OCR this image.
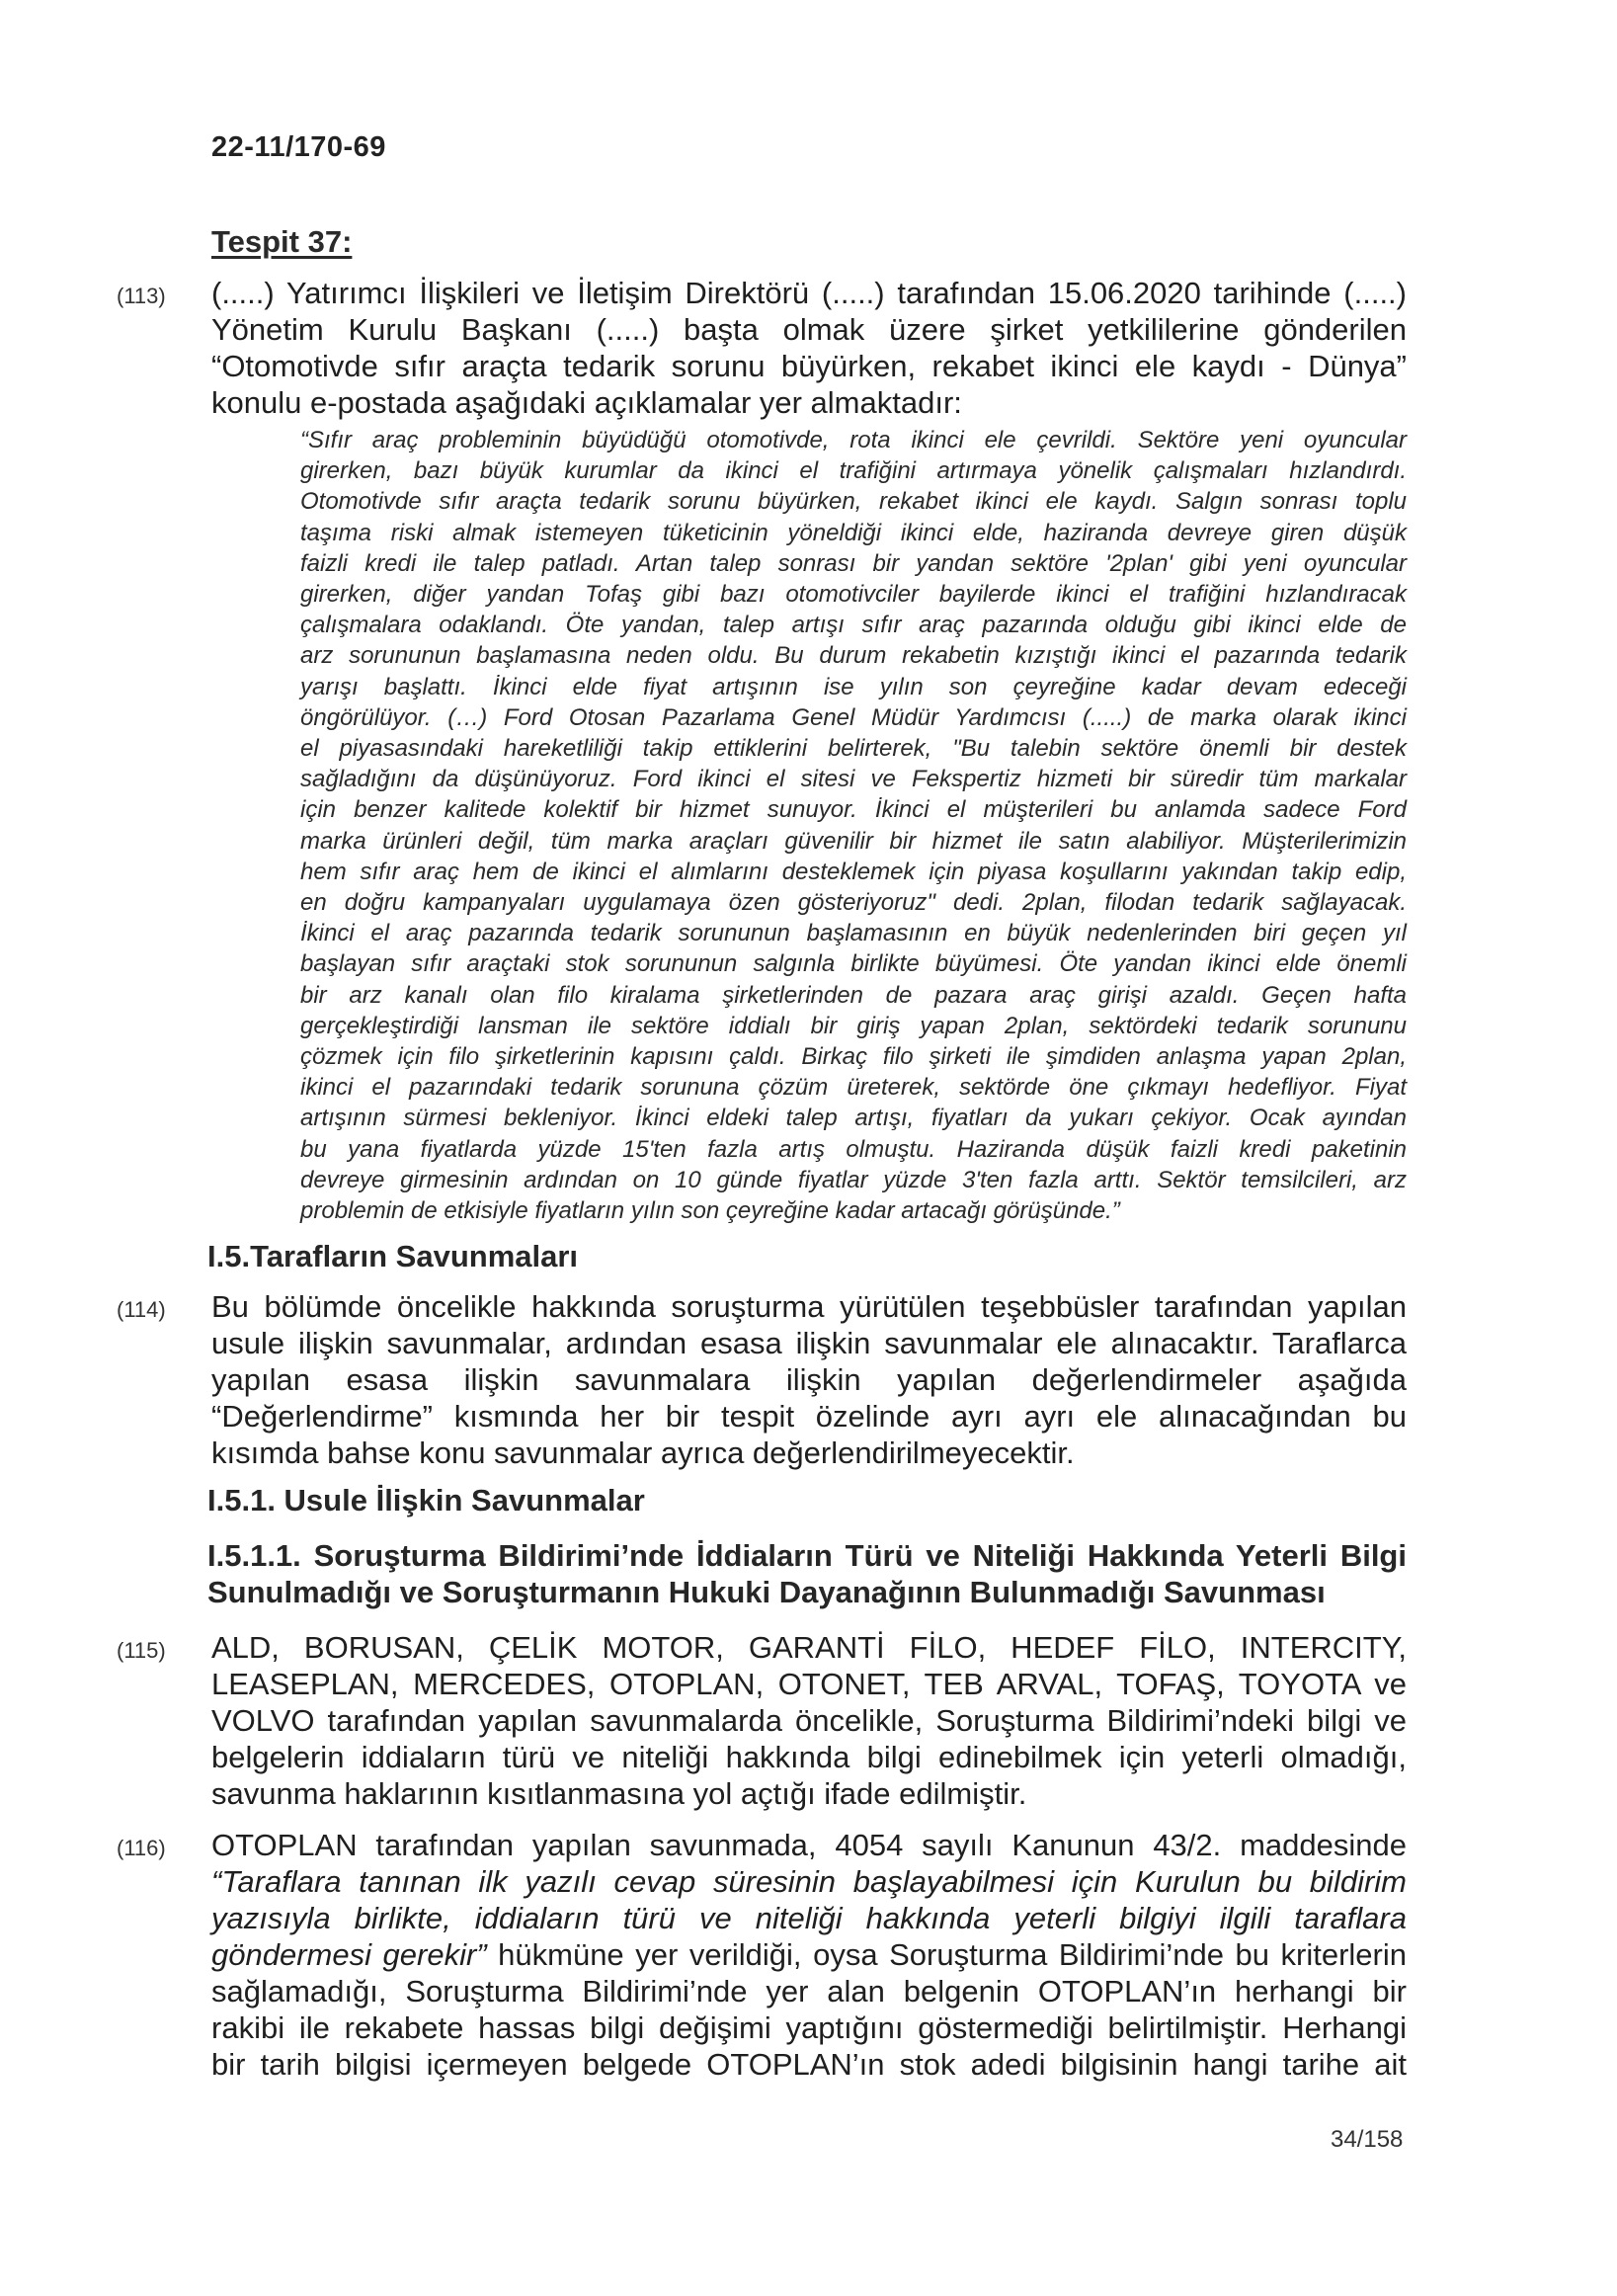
22-11/170-69
Tespit 37:
(113) (.....) Yatırımcı İlişkileri ve İletişim Direktörü (.....) tarafından 15.06.2020 tarihinde (.....)
Yönetim Kurulu Başkanı (.....) başta olmak üzere şirket yetkililerine gönderilen
“Otomotivde sıfır araçta tedarik sorunu büyürken, rekabet ikinci ele kaydı - Dünya”
konulu e-postada aşağıdaki açıklamalar yer almaktadır:
“Sıfır araç probleminin büyüdüğü otomotivde, rota ikinci ele çevrildi. Sektöre yeni oyuncular
girerken, bazı büyük kurumlar da ikinci el trafiğini artırmaya yönelik çalışmaları hızlandırdı.
Otomotivde sıfır araçta tedarik sorunu büyürken, rekabet ikinci ele kaydı. Salgın sonrası toplu
taşıma riski almak istemeyen tüketicinin yöneldiği ikinci elde, haziranda devreye giren düşük
faizli kredi ile talep patladı. Artan talep sonrası bir yandan sektöre '2plan' gibi yeni oyuncular
girerken, diğer yandan Tofaş gibi bazı otomotivciler bayilerde ikinci el trafiğini hızlandıracak
çalışmalara odaklandı. Öte yandan, talep artışı sıfır araç pazarında olduğu gibi ikinci elde de
arz sorununun başlamasına neden oldu. Bu durum rekabetin kızıştığı ikinci el pazarında tedarik
yarışı başlattı. İkinci elde fiyat artışının ise yılın son çeyreğine kadar devam edeceği
öngörülüyor. (…) Ford Otosan Pazarlama Genel Müdür Yardımcısı (.....) de marka olarak ikinci
el piyasasındaki hareketliliği takip ettiklerini belirterek, "Bu talebin sektöre önemli bir destek
sağladığını da düşünüyoruz. Ford ikinci el sitesi ve Fekspertiz hizmeti bir süredir tüm markalar
için benzer kalitede kolektif bir hizmet sunuyor. İkinci el müşterileri bu anlamda sadece Ford
marka ürünleri değil, tüm marka araçları güvenilir bir hizmet ile satın alabiliyor. Müşterilerimizin
hem sıfır araç hem de ikinci el alımlarını desteklemek için piyasa koşullarını yakından takip edip,
en doğru kampanyaları uygulamaya özen gösteriyoruz" dedi. 2plan, filodan tedarik sağlayacak.
İkinci el araç pazarında tedarik sorununun başlamasının en büyük nedenlerinden biri geçen yıl
başlayan sıfır araçtaki stok sorununun salgınla birlikte büyümesi. Öte yandan ikinci elde önemli
bir arz kanalı olan filo kiralama şirketlerinden de pazara araç girişi azaldı. Geçen hafta
gerçekleştirdiği lansman ile sektöre iddialı bir giriş yapan 2plan, sektördeki tedarik sorununu
çözmek için filo şirketlerinin kapısını çaldı. Birkaç filo şirketi ile şimdiden anlaşma yapan 2plan,
ikinci el pazarındaki tedarik sorununa çözüm üreterek, sektörde öne çıkmayı hedefliyor. Fiyat
artışının sürmesi bekleniyor. İkinci eldeki talep artışı, fiyatları da yukarı çekiyor. Ocak ayından
bu yana fiyatlarda yüzde 15'ten fazla artış olmuştu. Haziranda düşük faizli kredi paketinin
devreye girmesinin ardından on 10 günde fiyatlar yüzde 3'ten fazla arttı. Sektör temsilcileri, arz
problemin de etkisiyle fiyatların yılın son çeyreğine kadar artacağı görüşünde.”
I.5.Tarafların Savunmaları
(114) Bu bölümde öncelikle hakkında soruşturma yürütülen teşebbüsler tarafından yapılan
usule ilişkin savunmalar, ardından esasa ilişkin savunmalar ele alınacaktır. Taraflarca
yapılan esasa ilişkin savunmalara ilişkin yapılan değerlendirmeler aşağıda
“Değerlendirme” kısmında her bir tespit özelinde ayrı ayrı ele alınacağından bu
kısımda bahse konu savunmalar ayrıca değerlendirilmeyecektir.
I.5.1. Usule İlişkin Savunmalar
I.5.1.1. Soruşturma Bildirimi’nde İddiaların Türü ve Niteliği Hakkında Yeterli Bilgi
Sunulmadığı ve Soruşturmanın Hukuki Dayanağının Bulunmadığı Savunması
(115) ALD, BORUSAN, ÇELİK MOTOR, GARANTİ FİLO, HEDEF FİLO, INTERCITY,
LEASEPLAN, MERCEDES, OTOPLAN, OTONET, TEB ARVAL, TOFAŞ, TOYOTA ve
VOLVO tarafından yapılan savunmalarda öncelikle, Soruşturma Bildirimi’ndeki bilgi ve
belgelerin iddiaların türü ve niteliği hakkında bilgi edinebilmek için yeterli olmadığı,
savunma haklarının kısıtlanmasına yol açtığı ifade edilmiştir.
(116) OTOPLAN tarafından yapılan savunmada, 4054 sayılı Kanunun 43/2. maddesinde
“Taraflara tanınan ilk yazılı cevap süresinin başlayabilmesi için Kurulun bu bildirim
yazısıyla birlikte, iddiaların türü ve niteliği hakkında yeterli bilgiyi ilgili taraflara
göndermesi gerekir” hükmüne yer verildiği, oysa Soruşturma Bildirimi’nde bu kriterlerin
sağlamadığı, Soruşturma Bildirimi’nde yer alan belgenin OTOPLAN’ın herhangi bir
rakibi ile rekabete hassas bilgi değişimi yaptığını göstermediği belirtilmiştir. Herhangi
bir tarih bilgisi içermeyen belgede OTOPLAN’ın stok adedi bilgisinin hangi tarihe ait
34/158
